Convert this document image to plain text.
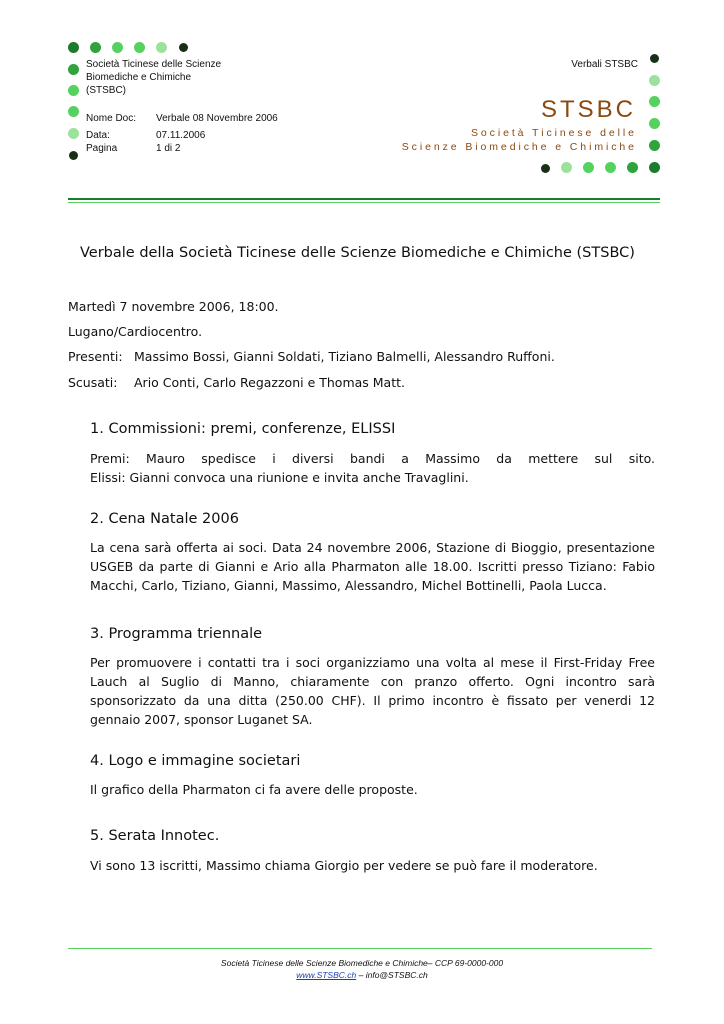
Società Ticinese delle Scienze
Biomediche e Chimiche
(STSBC)
Verbali STSBC
Nome Doc:	Verbale 08 Novembre 2006
Data:	07.11.2006
Pagina	1 di 2
STSBC
S o c i e t à   T i c i n e s e   d e l l e
S c i e n z e   B i o m e d i c h e   e   C h i m i c h e
Verbale della Società Ticinese delle Scienze Biomediche e Chimiche (STSBC)
Martedì 7 novembre 2006, 18:00.
Lugano/Cardiocentro.
Presenti: Massimo Bossi, Gianni Soldati, Tiziano Balmelli, Alessandro Ruffoni.
Scusati: Ario Conti, Carlo Regazzoni e Thomas Matt.
1. Commissioni: premi, conferenze, ELISSI
Premi: Mauro spedisce i diversi bandi a Massimo da mettere sul sito.
Elissi: Gianni convoca una riunione e invita anche Travaglini.
2. Cena Natale 2006
La cena sarà offerta ai soci. Data 24 novembre 2006, Stazione di Bioggio, presentazione USGEB da parte di Gianni e Ario alla Pharmaton alle 18.00. Iscritti presso Tiziano: Fabio Macchi, Carlo, Tiziano, Gianni, Massimo, Alessandro, Michel Bottinelli, Paola Lucca.
3. Programma triennale
Per promuovere i contatti tra i soci organizziamo una volta al mese il First-Friday Free Lauch al Suglio di Manno, chiaramente con pranzo offerto. Ogni incontro sarà sponsorizzato da una ditta (250.00 CHF). Il primo incontro è fissato per venerdi 12 gennaio 2007, sponsor Luganet SA.
4. Logo e immagine societari
Il grafico della Pharmaton ci fa avere delle proposte.
5. Serata Innotec.
Vi sono 13 iscritti, Massimo chiama Giorgio per vedere se può fare il moderatore.
Società Ticinese delle Scienze Biomediche e Chimiche– CCP 69-0000-000
www.STSBC.ch – info@STSBC.ch
